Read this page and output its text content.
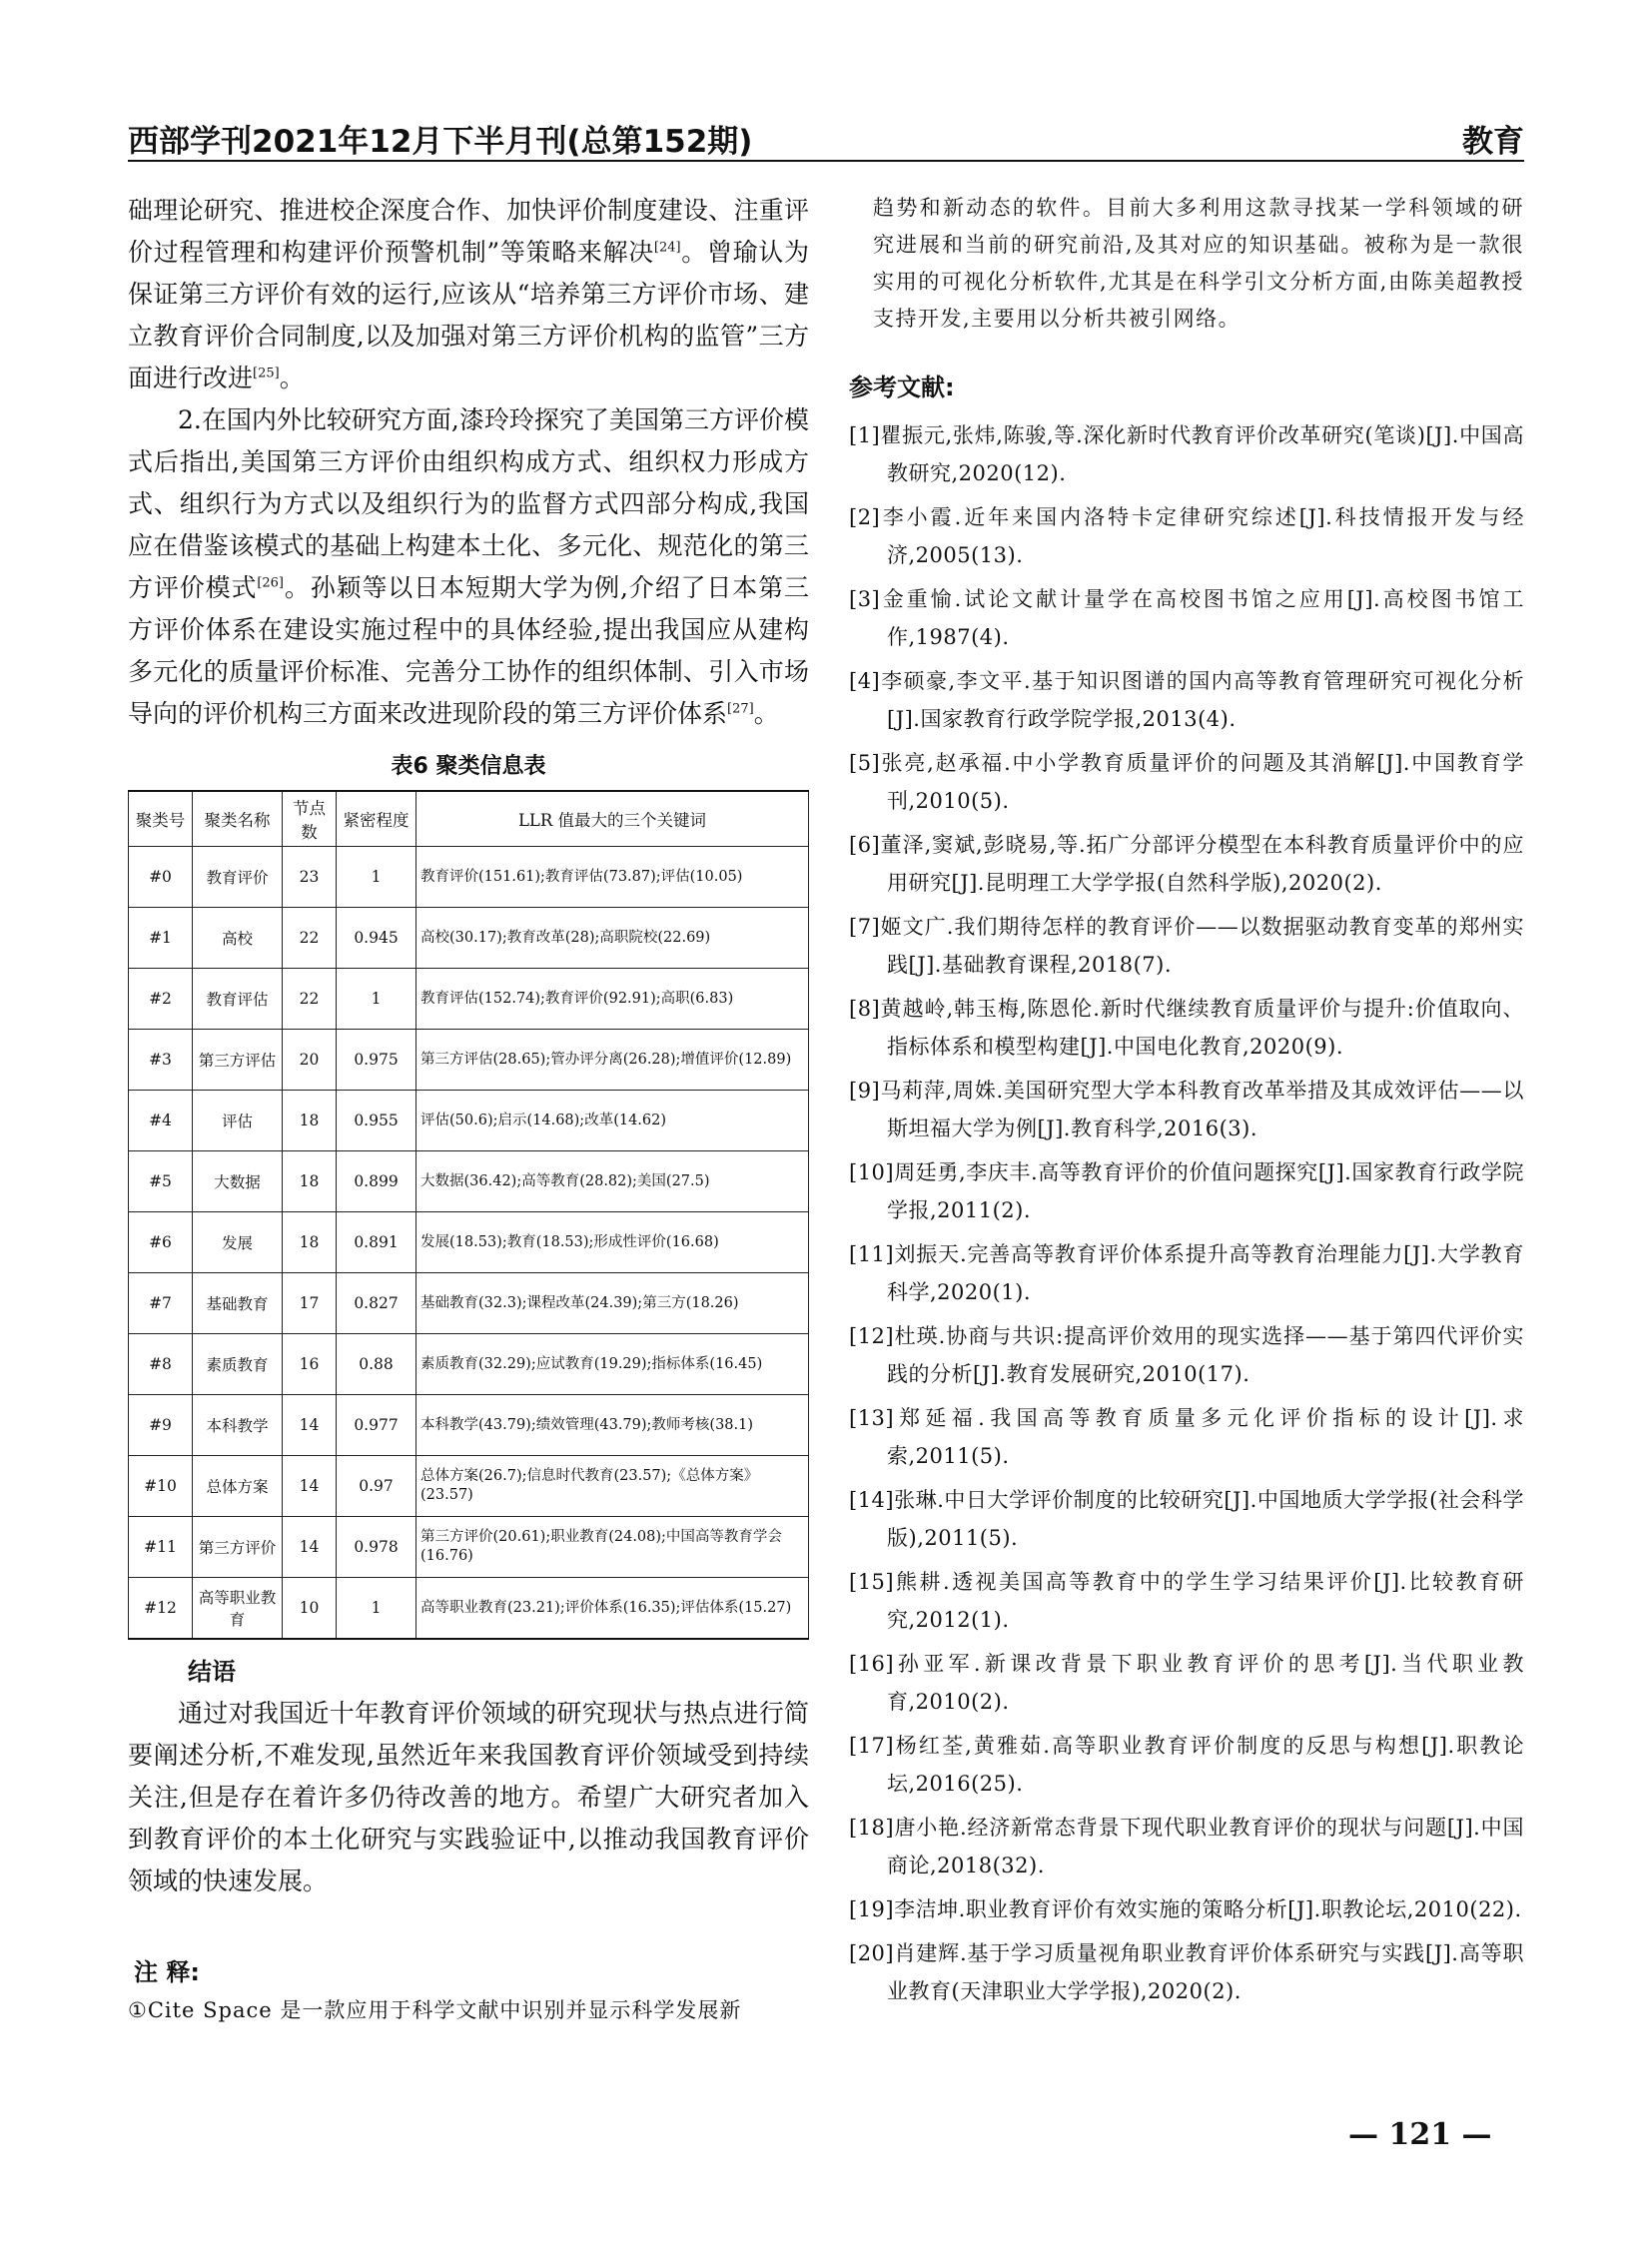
西部学刊2021年12月下半月刊(总第152期)	教育

础理论研究、推进校企深度合作、加快评价制度建设、注重评价过程管理和构建评价预警机制”等策略来解决[24]。曾瑜认为保证第三方评价有效的运行,应该从“培养第三方评价市场、建立教育评价合同制度,以及加强对第三方评价机构的监管”三方面进行改进[25]。

2.在国内外比较研究方面,漆玲玲探究了美国第三方评价模式后指出,美国第三方评价由组织构成方式、组织权力形成方式、组织行为方式以及组织行为的监督方式四部分构成,我国应在借鉴该模式的基础上构建本土化、多元化、规范化的第三方评价模式[26]。孙颖等以日本短期大学为例,介绍了日本第三方评价体系在建设实施过程中的具体经验,提出我国应从建构多元化的质量评价标准、完善分工协作的组织体制、引入市场导向的评价机构三方面来改进现阶段的第三方评价体系[27]。

表6 聚类信息表
聚类号	聚类名称	节点数	紧密程度	LLR 值最大的三个关键词
#0	教育评价	23	1	教育评价(151.61);教育评估(73.87);评估(10.05)
#1	高校	22	0.945	高校(30.17);教育改革(28);高职院校(22.69)
#2	教育评估	22	1	教育评估(152.74);教育评价(92.91);高职(6.83)
#3	第三方评估	20	0.975	第三方评估(28.65);管办评分离(26.28);增值评价(12.89)
#4	评估	18	0.955	评估(50.6);启示(14.68);改革(14.62)
#5	大数据	18	0.899	大数据(36.42);高等教育(28.82);美国(27.5)
#6	发展	18	0.891	发展(18.53);教育(18.53);形成性评价(16.68)
#7	基础教育	17	0.827	基础教育(32.3);课程改革(24.39);第三方(18.26)
#8	素质教育	16	0.88	素质教育(32.29);应试教育(19.29);指标体系(16.45)
#9	本科教学	14	0.977	本科教学(43.79);绩效管理(43.79);教师考核(38.1)
#10	总体方案	14	0.97	总体方案(26.7);信息时代教育(23.57);《总体方案》(23.57)
#11	第三方评价	14	0.978	第三方评价(20.61);职业教育(24.08);中国高等教育学会(16.76)
#12	高等职业教育	10	1	高等职业教育(23.21);评价体系(16.35);评估体系(15.27)
结语

通过对我国近十年教育评价领域的研究现状与热点进行简要阐述分析,不难发现,虽然近年来我国教育评价领域受到持续关注,但是存在着许多仍待改善的地方。希望广大研究者加入到教育评价的本土化研究与实践验证中,以推动我国教育评价领域的快速发展。

注 释:

①Cite Space 是一款应用于科学文献中识别并显示科学发展新

趋势和新动态的软件。目前大多利用这款寻找某一学科领域的研究进展和当前的研究前沿,及其对应的知识基础。被称为是一款很实用的可视化分析软件,尤其是在科学引文分析方面,由陈美超教授支持开发,主要用以分析共被引网络。

参考文献:

[1]瞿振元,张炜,陈骏,等.深化新时代教育评价改革研究(笔谈)[J].中国高教研究,2020(12).

[2]李小霞.近年来国内洛特卡定律研究综述[J].科技情报开发与经济,2005(13).

[3]金重愉.试论文献计量学在高校图书馆之应用[J].高校图书馆工作,1987(4).

[4]李硕豪,李文平.基于知识图谱的国内高等教育管理研究可视化分析[J].国家教育行政学院学报,2013(4).

[5]张亮,赵承福.中小学教育质量评价的问题及其消解[J].中国教育学刊,2010(5).

[6]董泽,窦斌,彭晓易,等.拓广分部评分模型在本科教育质量评价中的应用研究[J].昆明理工大学学报(自然科学版),2020(2).

[7]姬文广.我们期待怎样的教育评价——以数据驱动教育变革的郑州实践[J].基础教育课程,2018(7).

[8]黄越岭,韩玉梅,陈恩伦.新时代继续教育质量评价与提升:价值取向、指标体系和模型构建[J].中国电化教育,2020(9).

[9]马莉萍,周姝.美国研究型大学本科教育改革举措及其成效评估——以斯坦福大学为例[J].教育科学,2016(3).

[10]周廷勇,李庆丰.高等教育评价的价值问题探究[J].国家教育行政学院学报,2011(2).

[11]刘振天.完善高等教育评价体系提升高等教育治理能力[J].大学教育科学,2020(1).

[12]杜瑛.协商与共识:提高评价效用的现实选择——基于第四代评价实践的分析[J].教育发展研究,2010(17).

[13]郑延福.我国高等教育质量多元化评价指标的设计[J].求索,2011(5).

[14]张琳.中日大学评价制度的比较研究[J].中国地质大学学报(社会科学版),2011(5).

[15]熊耕.透视美国高等教育中的学生学习结果评价[J].比较教育研究,2012(1).

[16]孙亚军.新课改背景下职业教育评价的思考[J].当代职业教育,2010(2).

[17]杨红荃,黄雅茹.高等职业教育评价制度的反思与构想[J].职教论坛,2016(25).

[18]唐小艳.经济新常态背景下现代职业教育评价的现状与问题[J].中国商论,2018(32).

[19]李洁坤.职业教育评价有效实施的策略分析[J].职教论坛,2010(22).

[20]肖建辉.基于学习质量视角职业教育评价体系研究与实践[J].高等职业教育(天津职业大学学报),2020(2).

— 121 —
